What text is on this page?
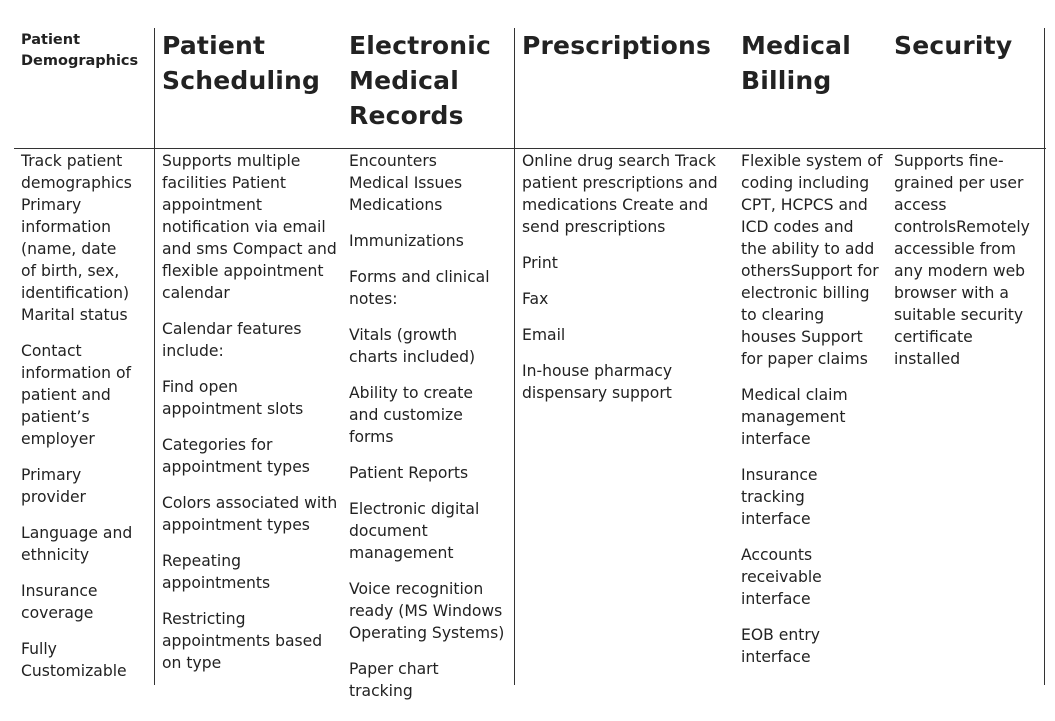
Patient Demographics

Track patient demographics Primary information (name, date of birth, sex, identification) Marital status

Contact information of patient and patient’s employer

Primary provider

Language and ethnicity

Insurance coverage

Fully Customizable

Patient Scheduling

Supports multiple facilities Patient appointment notification via email and sms Compact and flexible appointment calendar

Calendar features include:

Find open appointment slots

Categories for appointment types

Colors associated with appointment types

Repeating appointments

Restricting appointments based on type

Electronic Medical Records

Encounters Medical Issues Medications

Immunizations

Forms and clinical notes:

Vitals (growth charts included)

Ability to create and customize forms

Patient Reports

Electronic digital document management

Voice recognition ready (MS Windows Operating Systems)

Paper chart tracking

Prescriptions

Online drug search Track patient prescriptions and medications Create and send prescriptions

Print

Fax

Email

In-house pharmacy dispensary support

Medical Billing

Flexible system of coding including CPT, HCPCS and ICD codes and the ability to add othersSupport for electronic billing to clearing houses Support for paper claims

Medical claim management interface

Insurance tracking interface

Accounts receivable interface

EOB entry interface

Security

Supports fine-grained per user access controlsRemotely accessible from any modern web browser with a suitable security certificate installed
